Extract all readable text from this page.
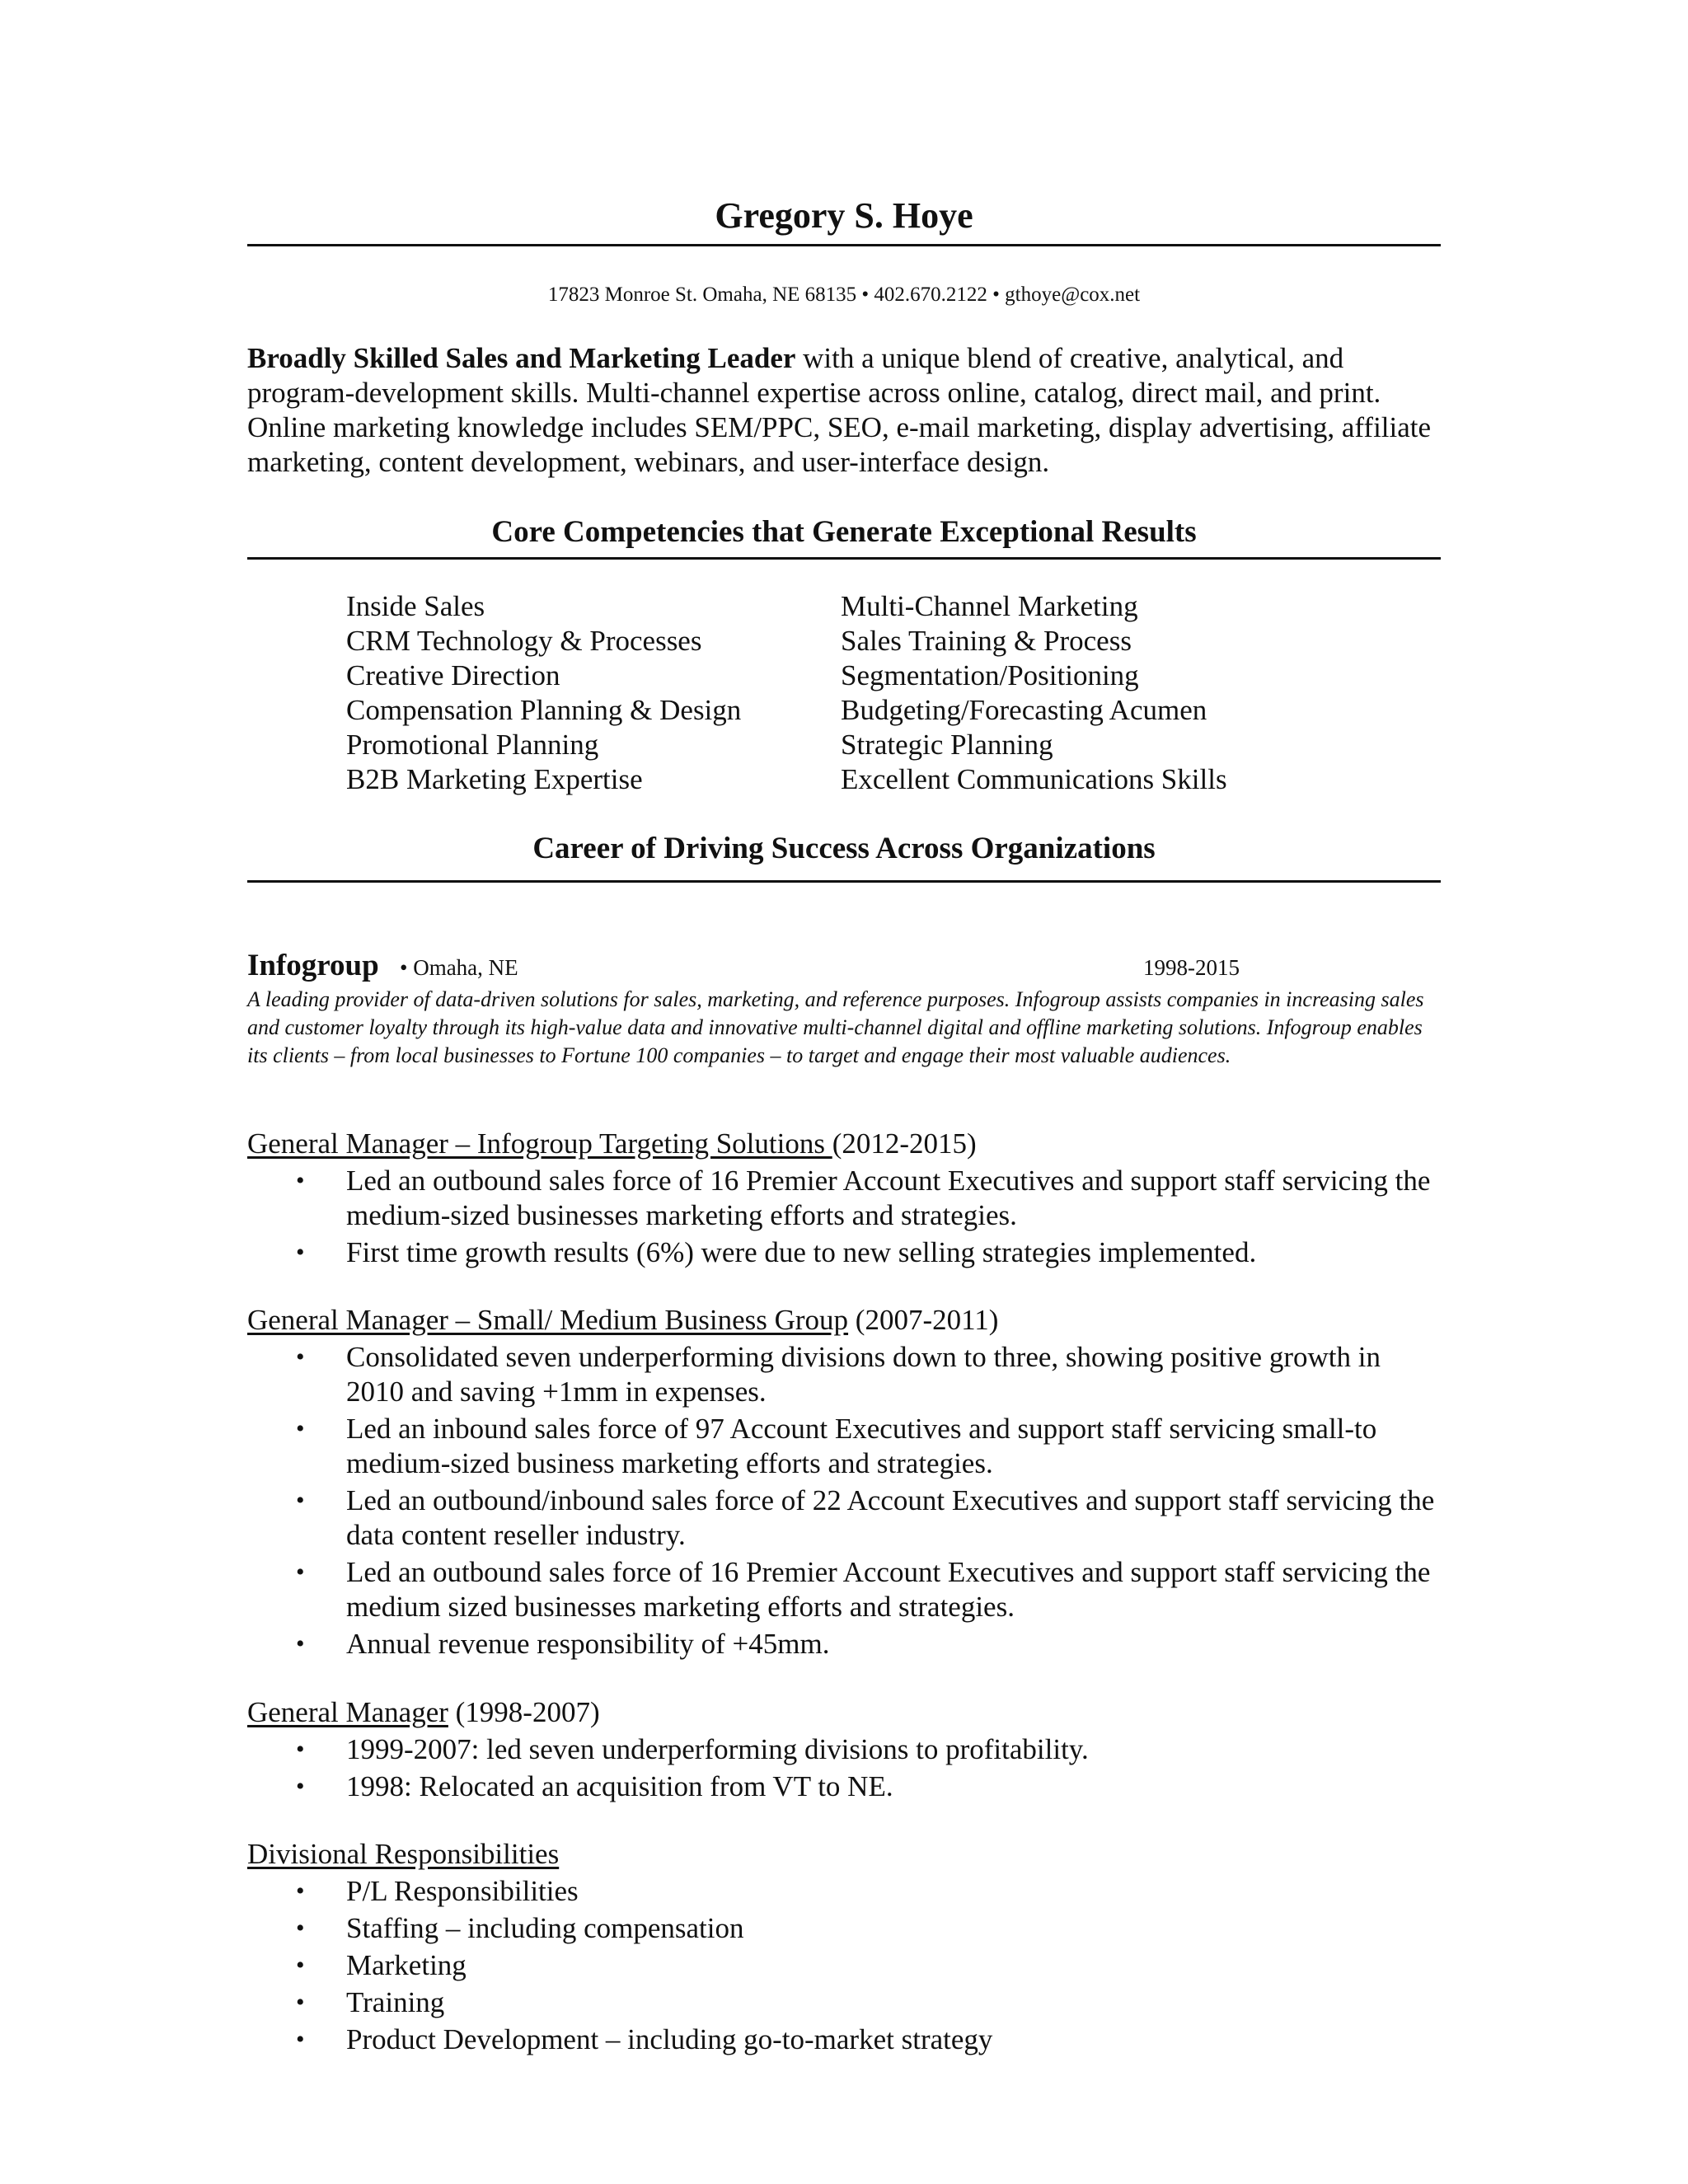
Gregory S. Hoye
17823 Monroe St. Omaha, NE 68135 • 402.670.2122 • gthoye@cox.net
Broadly Skilled Sales and Marketing Leader with a unique blend of creative, analytical, and program-development skills. Multi-channel expertise across online, catalog, direct mail, and print. Online marketing knowledge includes SEM/PPC, SEO, e-mail marketing, display advertising, affiliate marketing, content development, webinars, and user-interface design.
Core Competencies that Generate Exceptional Results
Inside Sales
CRM Technology & Processes
Creative Direction
Compensation Planning & Design
Promotional Planning
B2B Marketing Expertise
Multi-Channel Marketing
Sales Training & Process
Segmentation/Positioning
Budgeting/Forecasting Acumen
Strategic Planning
Excellent Communications Skills
Career of Driving Success Across Organizations
Infogroup • Omaha, NE	1998-2015
A leading provider of data-driven solutions for sales, marketing, and reference purposes. Infogroup assists companies in increasing sales and customer loyalty through its high-value data and innovative multi-channel digital and offline marketing solutions. Infogroup enables its clients – from local businesses to Fortune 100 companies – to target and engage their most valuable audiences.
General Manager – Infogroup Targeting Solutions (2012-2015)
• Led an outbound sales force of 16 Premier Account Executives and support staff servicing the medium-sized businesses marketing efforts and strategies.
• First time growth results (6%) were due to new selling strategies implemented.
General Manager – Small/ Medium Business Group (2007-2011)
• Consolidated seven underperforming divisions down to three, showing positive growth in 2010 and saving +1mm in expenses.
• Led an inbound sales force of 97 Account Executives and support staff servicing small-to medium-sized business marketing efforts and strategies.
• Led an outbound/inbound sales force of 22 Account Executives and support staff servicing the data content reseller industry.
• Led an outbound sales force of 16 Premier Account Executives and support staff servicing the medium sized businesses marketing efforts and strategies.
• Annual revenue responsibility of +45mm.
General Manager (1998-2007)
• 1999-2007: led seven underperforming divisions to profitability.
• 1998: Relocated an acquisition from VT to NE.
Divisional Responsibilities
• P/L Responsibilities
• Staffing – including compensation
• Marketing
• Training
• Product Development – including go-to-market strategy
